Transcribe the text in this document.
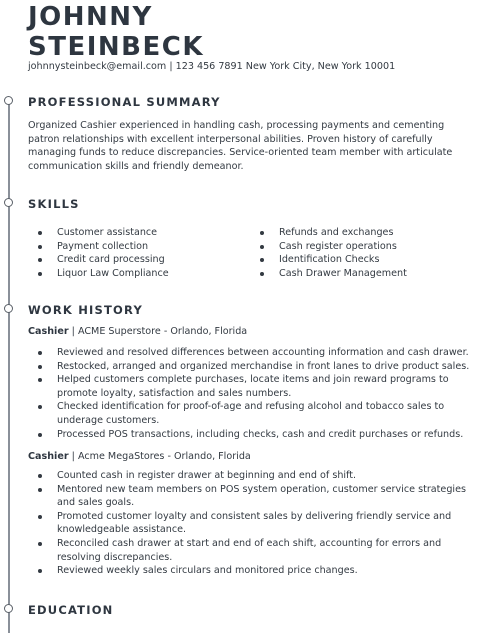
JOHNNY
STEINBECK
johnnysteinbeck@email.com | 123 456 7891 New York City, New York 10001
PROFESSIONAL SUMMARY

Organized Cashier experienced in handling cash, processing payments and cementing patron relationships with excellent interpersonal abilities. Proven history of carefully managing funds to reduce discrepancies. Service-oriented team member with articulate communication skills and friendly demeanor.

SKILLS
Customer assistance
Payment collection
Credit card processing
Liquor Law Compliance
Refunds and exchanges
Cash register operations
Identification Checks
Cash Drawer Management
WORK HISTORY
Cashier | ACME Superstore - Orlando, Florida
Reviewed and resolved differences between accounting information and cash drawer.
Restocked, arranged and organized merchandise in front lanes to drive product sales.
Helped customers complete purchases, locate items and join reward programs to promote loyalty, satisfaction and sales numbers.
Checked identification for proof-of-age and refusing alcohol and tobacco sales to underage customers.
Processed POS transactions, including checks, cash and credit purchases or refunds.
Cashier | Acme MegaStores - Orlando, Florida
Counted cash in register drawer at beginning and end of shift.
Mentored new team members on POS system operation, customer service strategies and sales goals.
Promoted customer loyalty and consistent sales by delivering friendly service and knowledgeable assistance.
Reconciled cash drawer at start and end of each shift, accounting for errors and resolving discrepancies.
Reviewed weekly sales circulars and monitored price changes.
EDUCATION
